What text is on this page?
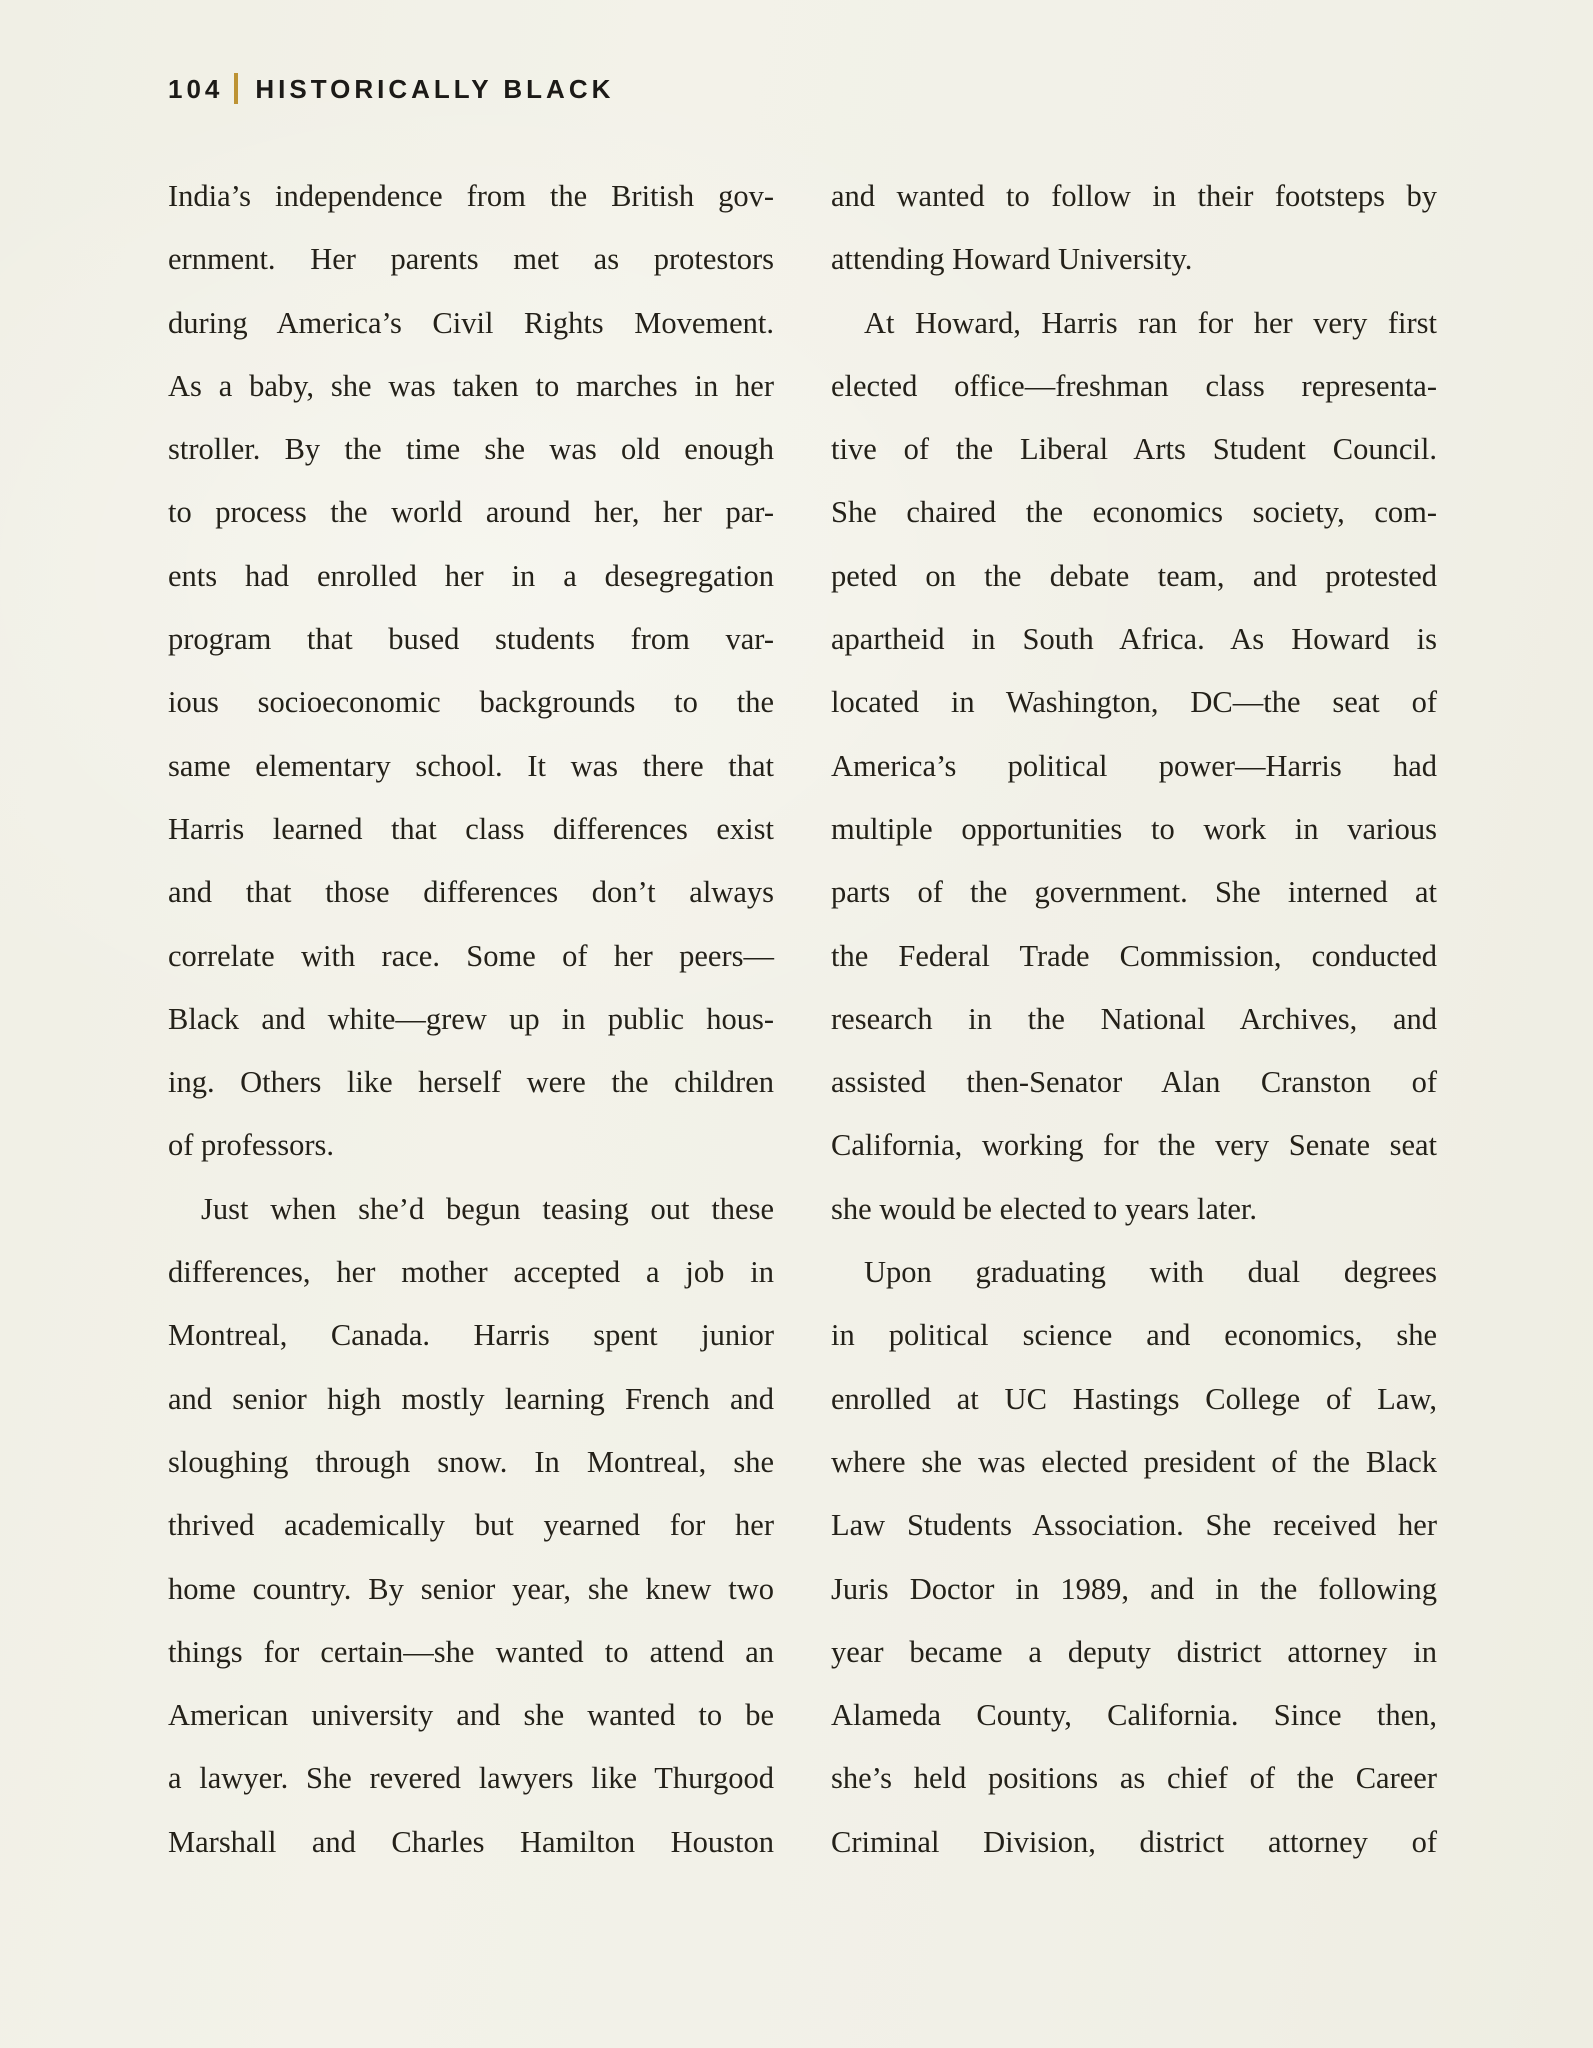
104 HISTORICALLY BLACK
India’s independence from the British gov-
ernment. Her parents met as protestors
during America’s Civil Rights Movement.
As a baby, she was taken to marches in her
stroller. By the time she was old enough
to process the world around her, her par-
ents had enrolled her in a desegregation
program that bused students from var-
ious socioeconomic backgrounds to the
same elementary school. It was there that
Harris learned that class differences exist
and that those differences don’t always
correlate with race. Some of her peers—
Black and white—grew up in public hous-
ing. Others like herself were the children
of professors.
Just when she’d begun teasing out these
differences, her mother accepted a job in
Montreal, Canada. Harris spent junior
and senior high mostly learning French and
sloughing through snow. In Montreal, she
thrived academically but yearned for her
home country. By senior year, she knew two
things for certain—she wanted to attend an
American university and she wanted to be
a lawyer. She revered lawyers like Thurgood
Marshall and Charles Hamilton Houston
and wanted to follow in their footsteps by
attending Howard University.
At Howard, Harris ran for her very first
elected office—freshman class representa-
tive of the Liberal Arts Student Council.
She chaired the economics society, com-
peted on the debate team, and protested
apartheid in South Africa. As Howard is
located in Washington, DC—the seat of
America’s political power—Harris had
multiple opportunities to work in various
parts of the government. She interned at
the Federal Trade Commission, conducted
research in the National Archives, and
assisted then-Senator Alan Cranston of
California, working for the very Senate seat
she would be elected to years later.
Upon graduating with dual degrees
in political science and economics, she
enrolled at UC Hastings College of Law,
where she was elected president of the Black
Law Students Association. She received her
Juris Doctor in 1989, and in the following
year became a deputy district attorney in
Alameda County, California. Since then,
she’s held positions as chief of the Career
Criminal Division, district attorney of
